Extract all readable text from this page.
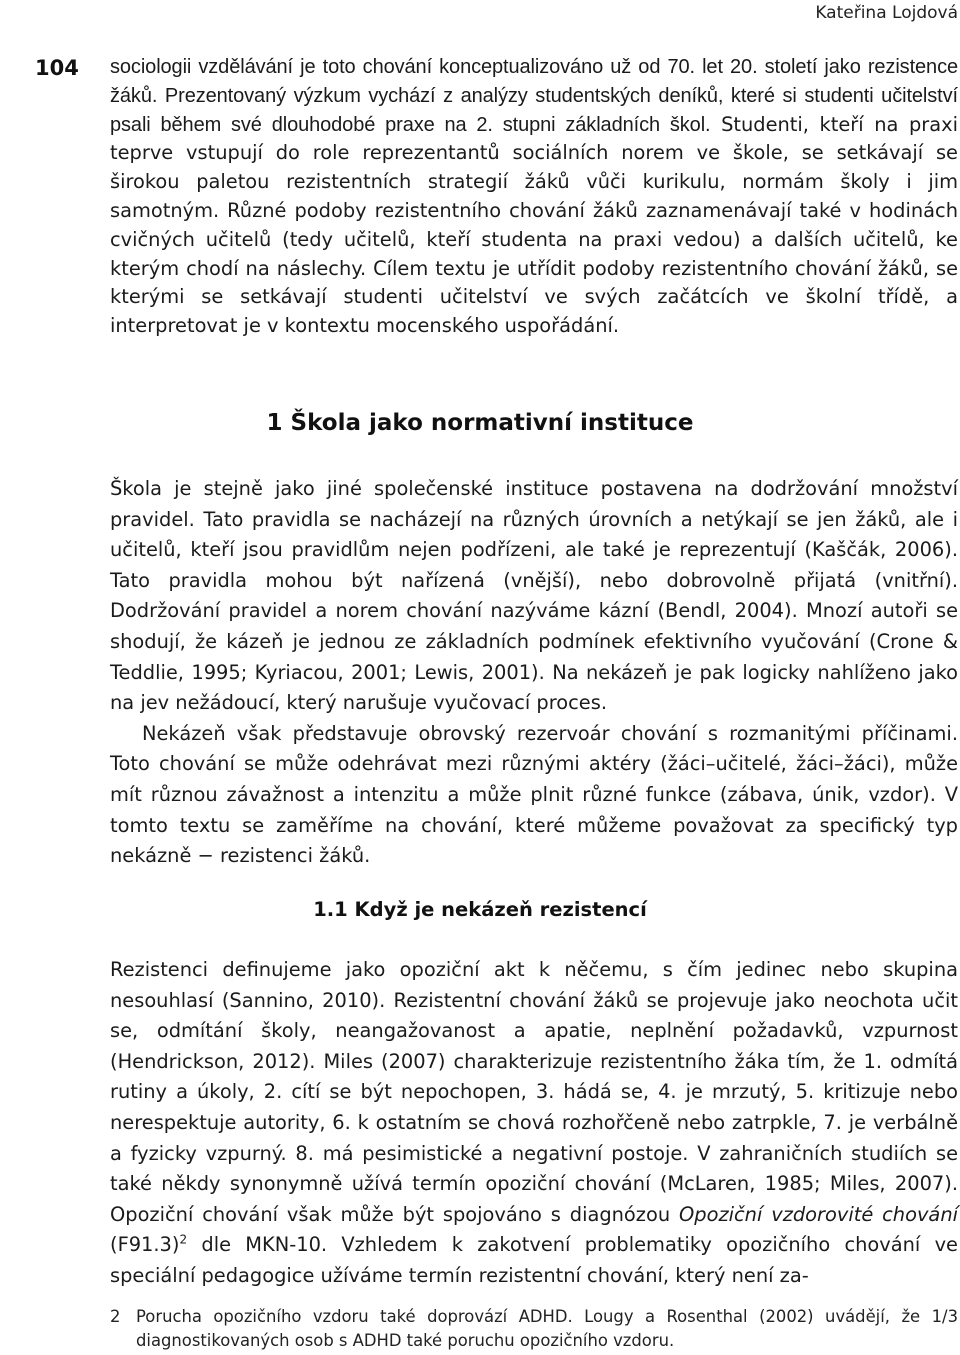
Kateřina Lojdová
104 sociologii vzdělávání je toto chování konceptualizováno už od 70. let 20. století jako rezistence žáků. Prezentovaný výzkum vychází z analýzy studentských deníků, které si studenti učitelství psali během své dlouhodobé praxe na 2. stupni základních škol. Studenti, kteří na praxi teprve vstupují do role reprezentantů sociálních norem ve škole, se setkávají se širokou paletou rezistentních strategií žáků vůči kurikulu, normám školy i jim samotným. Různé podoby rezistentního chování žáků zaznamenávají také v hodinách cvičných učitelů (tedy učitelů, kteří studenta na praxi vedou) a dalších učitelů, ke kterým chodí na náslechy. Cílem textu je utřídit podoby rezistentního chování žáků, se kterými se setkávají studenti učitelství ve svých začátcích ve školní třídě, a interpretovat je v kontextu mocenského uspořádání.
1 Škola jako normativní instituce

Škola je stejně jako jiné společenské instituce postavena na dodržování množství pravidel. Tato pravidla se nacházejí na různých úrovních a netýkají se jen žáků, ale i učitelů, kteří jsou pravidlům nejen podřízeni, ale také je reprezentují (Kaščák, 2006). Tato pravidla mohou být nařízená (vnější), nebo dobrovolně přijatá (vnitřní). Dodržování pravidel a norem chování nazýváme kázní (Bendl, 2004). Mnozí autoři se shodují, že kázeň je jednou ze základních podmínek efektivního vyučování (Crone & Teddlie, 1995; Kyriacou, 2001; Lewis, 2001). Na nekázeň je pak logicky nahlíženo jako na jev nežádoucí, který narušuje vyučovací proces.

Nekázeň však představuje obrovský rezervoár chování s rozmanitými příčinami. Toto chování se může odehrávat mezi různými aktéry (žáci–učitelé, žáci–žáci), může mít různou závažnost a intenzitu a může plnit různé funkce (zábava, únik, vzdor). V tomto textu se zaměříme na chování, které můžeme považovat za specifický typ nekázně − rezistenci žáků.

1.1 Když je nekázeň rezistencí

Rezistenci definujeme jako opoziční akt k něčemu, s čím jedinec nebo skupina nesouhlasí (Sannino, 2010). Rezistentní chování žáků se projevuje jako neochota učit se, odmítání školy, neangažovanost a apatie, neplnění požadavků, vzpurnost (Hendrickson, 2012). Miles (2007) charakterizuje rezistentního žáka tím, že 1. odmítá rutiny a úkoly, 2. cítí se být nepochopen, 3. hádá se, 4. je mrzutý, 5. kritizuje nebo nerespektuje autority, 6. k ostatním se chová rozhořčeně nebo zatrpkle, 7. je verbálně a fyzicky vzpurný. 8. má pesimistické a negativní postoje. V zahraničních studiích se také někdy synonymně užívá termín opoziční chování (McLaren, 1985; Miles, 2007). Opoziční chování však může být spojováno s diagnózou Opoziční vzdorovité chování $(F91.3)^2$ dle MKN-10. Vzhledem k zakotvení problematiky opozičního chování ve speciální pedagogice užíváme termín rezistentní chování, který není za-

2 Porucha opozičního vzdoru také doprovází ADHD. Lougy a Rosenthal (2002) uvádějí, že 1/3 diagnostikovaných osob s ADHD také poruchu opozičního vzdoru.
